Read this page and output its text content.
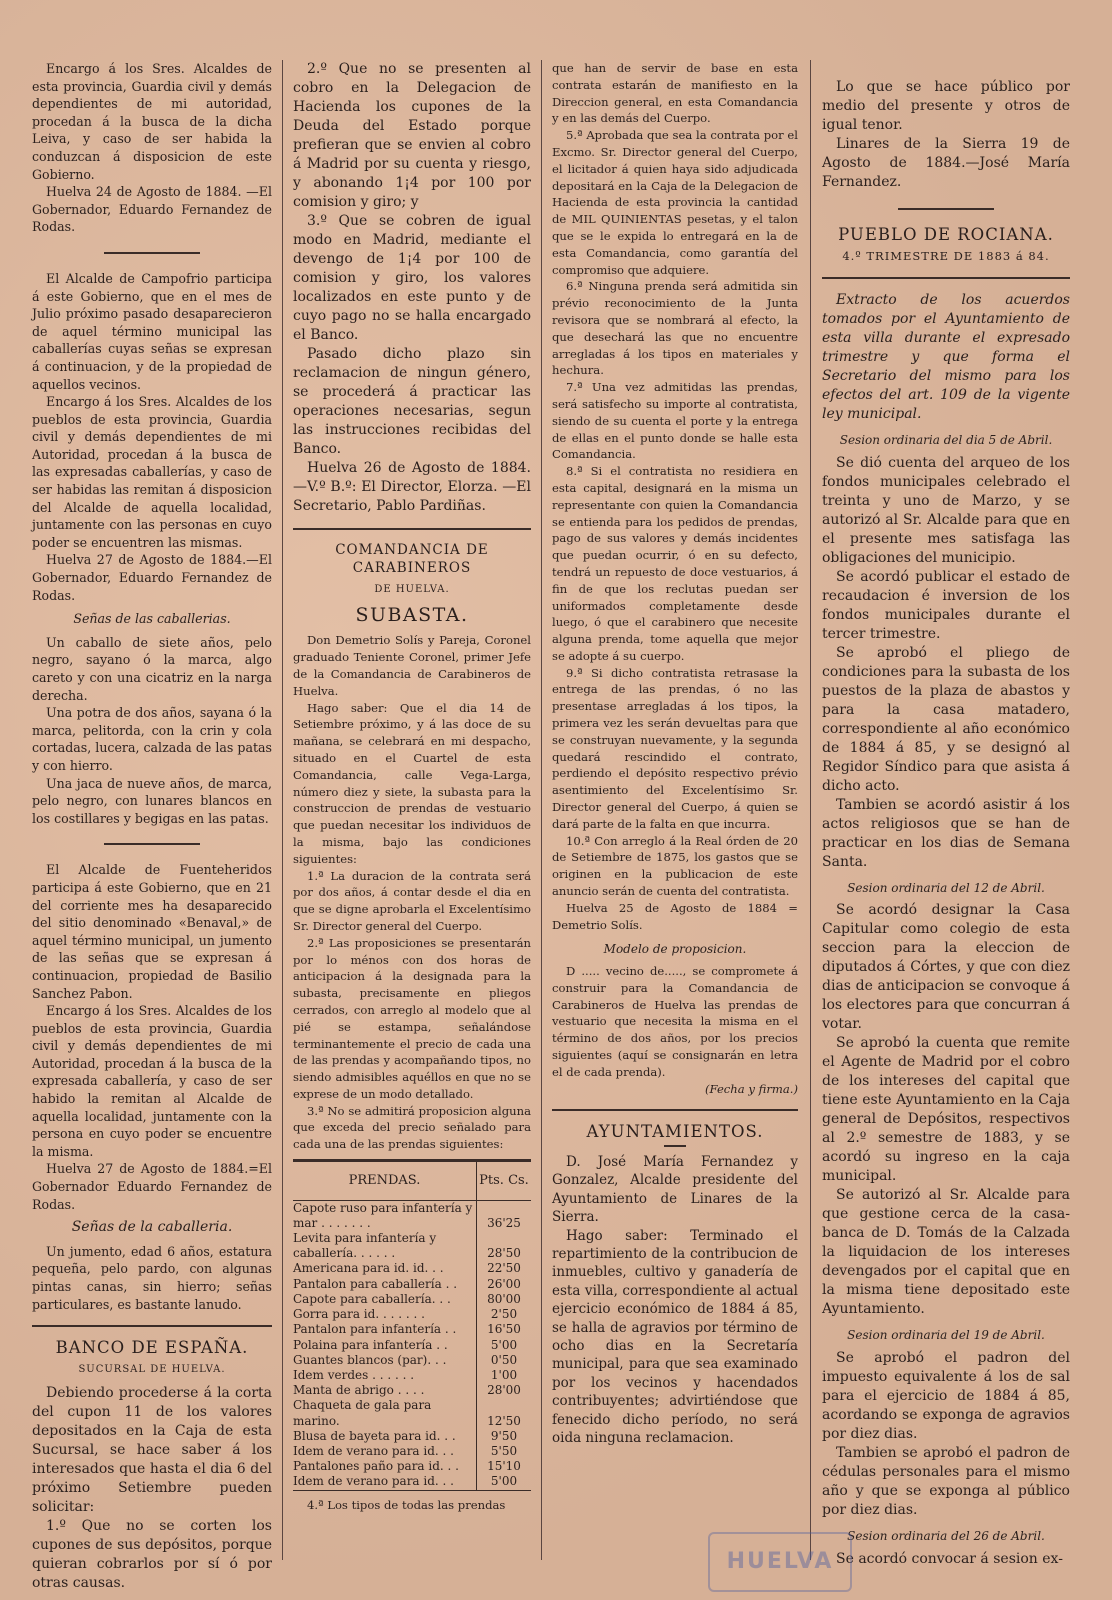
Encargo á los Sres. Alcaldes de esta provincia, Guardia civil y demás dependientes de mi autoridad, procedan á la busca de la dicha Leiva, y caso de ser habida la conduzcan á disposicion de este Gobierno.

Huelva 24 de Agosto de 1884. —El Gobernador, Eduardo Fernandez de Rodas.

El Alcalde de Campofrio participa á este Gobierno, que en el mes de Julio próximo pasado desaparecieron de aquel término municipal las caballerías cuyas señas se expresan á continuacion, y de la propiedad de aquellos vecinos.

Encargo á los Sres. Alcaldes de los pueblos de esta provincia, Guardia civil y demás dependientes de mi Autoridad, procedan á la busca de las expresadas caballerías, y caso de ser habidas las remitan á disposicion del Alcalde de aquella localidad, juntamente con las personas en cuyo poder se encuentren las mismas.

Huelva 27 de Agosto de 1884.—El Gobernador, Eduardo Fernandez de Rodas.

Señas de las caballerias.

Un caballo de siete años, pelo negro, sayano ó la marca, algo careto y con una cicatriz en la narga derecha.

Una potra de dos años, sayana ó la marca, pelitorda, con la crin y cola cortadas, lucera, calzada de las patas y con hierro.

Una jaca de nueve años, de marca, pelo negro, con lunares blancos en los costillares y begigas en las patas.

El Alcalde de Fuenteheridos participa á este Gobierno, que en 21 del corriente mes ha desaparecido del sitio denominado «Benaval,» de aquel término municipal, un jumento de las señas que se expresan á continuacion, propiedad de Basilio Sanchez Pabon.

Encargo á los Sres. Alcaldes de los pueblos de esta provincia, Guardia civil y demás dependientes de mi Autoridad, procedan á la busca de la expresada caballería, y caso de ser habido la remitan al Alcalde de aquella localidad, juntamente con la persona en cuyo poder se encuentre la misma.

Huelva 27 de Agosto de 1884.=El Gobernador Eduardo Fernandez de Rodas.

Señas de la caballeria.

Un jumento, edad 6 años, estatura pequeña, pelo pardo, con algunas pintas canas, sin hierro; señas particulares, es bastante lanudo.

BANCO DE ESPAÑA.
SUCURSAL DE HUELVA.

Debiendo procederse á la corta del cupon 11 de los valores depositados en la Caja de esta Sucursal, se hace saber á los interesados que hasta el dia 6 del próximo Setiembre pueden solicitar:

1.º Que no se corten los cupones de sus depósitos, porque quieran cobrarlos por sí ó por otras causas.

2.º Que no se presenten al cobro en la Delegacion de Hacienda los cupones de la Deuda del Estado porque prefieran que se envien al cobro á Madrid por su cuenta y riesgo, y abonando 1¡4 por 100 por comision y giro; y

3.º Que se cobren de igual modo en Madrid, mediante el devengo de 1¡4 por 100 de comision y giro, los valores localizados en este punto y de cuyo pago no se halla encargado el Banco.

Pasado dicho plazo sin reclamacion de ningun género, se procederá á practicar las operaciones necesarias, segun las instrucciones recibidas del Banco.

Huelva 26 de Agosto de 1884. —V.º B.º: El Director, Elorza. —El Secretario, Pablo Pardiñas.

COMANDANCIA DE CARABINEROS
DE HUELVA.
SUBASTA.

Don Demetrio Solís y Pareja, Coronel graduado Teniente Coronel, primer Jefe de la Comandancia de Carabineros de Huelva.

Hago saber: Que el dia 14 de Setiembre próximo, y á las doce de su mañana, se celebrará en mi despacho, situado en el Cuartel de esta Comandancia, calle Vega-Larga, número diez y siete, la subasta para la construccion de prendas de vestuario que puedan necesitar los individuos de la misma, bajo las condiciones siguientes:

1.ª La duracion de la contrata será por dos años, á contar desde el dia en que se digne aprobarla el Excelentísimo Sr. Director general del Cuerpo.

2.ª Las proposiciones se presentarán por lo ménos con dos horas de anticipacion á la designada para la subasta, precisamente en pliegos cerrados, con arreglo al modelo que al pié se estampa, señalándose terminantemente el precio de cada una de las prendas y acompañando tipos, no siendo admisibles aquéllos en que no se exprese de un modo detallado.

3.ª No se admitirá proposicion alguna que exceda del precio señalado para cada una de las prendas siguientes:

PRENDAS.	Pts. Cs.
Capote ruso para infantería y mar . . . . . . .	36'25
Levita para infantería y caballería. . . . . .	28'50
Americana para id. id. . .	22'50
Pantalon para caballería . .	26'00
Capote para caballería. . .	80'00
Gorra para id. . . . . . .	2'50
Pantalon para infantería . .	16'50
Polaina para infantería . .	5'00
Guantes blancos (par). . .	0'50
Idem verdes . . . . . .	1'00
Manta de abrigo . . . .	28'00
Chaqueta de gala para marino.	12'50
Blusa de bayeta para id. . .	9'50
Idem de verano para id. . .	5'50
Pantalones paño para id. . .	15'10
Idem de verano para id. . .	5'00

4.ª Los tipos de todas las prendas

que han de servir de base en esta contrata estarán de manifiesto en la Direccion general, en esta Comandancia y en las demás del Cuerpo.

5.ª Aprobada que sea la contrata por el Excmo. Sr. Director general del Cuerpo, el licitador á quien haya sido adjudicada depositará en la Caja de la Delegacion de Hacienda de esta provincia la cantidad de MIL QUINIENTAS pesetas, y el talon que se le expida lo entregará en la de esta Comandancia, como garantía del compromiso que adquiere.

6.ª Ninguna prenda será admitida sin prévio reconocimiento de la Junta revisora que se nombrará al efecto, la que desechará las que no encuentre arregladas á los tipos en materiales y hechura.

7.ª Una vez admitidas las prendas, será satisfecho su importe al contratista, siendo de su cuenta el porte y la entrega de ellas en el punto donde se halle esta Comandancia.

8.ª Si el contratista no residiera en esta capital, designará en la misma un representante con quien la Comandancia se entienda para los pedidos de prendas, pago de sus valores y demás incidentes que puedan ocurrir, ó en su defecto, tendrá un repuesto de doce vestuarios, á fin de que los reclutas puedan ser uniformados completamente desde luego, ó que el carabinero que necesite alguna prenda, tome aquella que mejor se adopte á su cuerpo.

9.ª Si dicho contratista retrasase la entrega de las prendas, ó no las presentase arregladas á los tipos, la primera vez les serán devueltas para que se construyan nuevamente, y la segunda quedará rescindido el contrato, perdiendo el depósito respectivo prévio asentimiento del Excelentísimo Sr. Director general del Cuerpo, á quien se dará parte de la falta en que incurra.

10.ª Con arreglo á la Real órden de 20 de Setiembre de 1875, los gastos que se originen en la publicacion de este anuncio serán de cuenta del contratista.

Huelva 25 de Agosto de 1884 = Demetrio Solís.

Modelo de proposicion.

D ..... vecino de....., se compromete á construir para la Comandancia de Carabineros de Huelva las prendas de vestuario que necesita la misma en el término de dos años, por los precios siguientes (aquí se consignarán en letra el de cada prenda).

(Fecha y firma.)

AYUNTAMIENTOS.

D. José María Fernandez y Gonzalez, Alcalde presidente del Ayuntamiento de Linares de la Sierra.

Hago saber: Terminado el repartimiento de la contribucion de inmuebles, cultivo y ganadería de esta villa, correspondiente al actual ejercicio económico de 1884 á 85, se halla de agravios por término de ocho dias en la Secretaría municipal, para que sea examinado por los vecinos y hacendados contribuyentes; advirtiéndose que fenecido dicho período, no será oida ninguna reclamacion.

Lo que se hace público por medio del presente y otros de igual tenor.

Linares de la Sierra 19 de Agosto de 1884.—José María Fernandez.

PUEBLO DE ROCIANA.
4.º TRIMESTRE DE 1883 á 84.

Extracto de los acuerdos tomados por el Ayuntamiento de esta villa durante el expresado trimestre y que forma el Secretario del mismo para los efectos del art. 109 de la vigente ley municipal.

Sesion ordinaria del dia 5 de Abril.

Se dió cuenta del arqueo de los fondos municipales celebrado el treinta y uno de Marzo, y se autorizó al Sr. Alcalde para que en el presente mes satisfaga las obligaciones del municipio.

Se acordó publicar el estado de recaudacion é inversion de los fondos municipales durante el tercer trimestre.

Se aprobó el pliego de condiciones para la subasta de los puestos de la plaza de abastos y para la casa matadero, correspondiente al año económico de 1884 á 85, y se designó al Regidor Síndico para que asista á dicho acto.

Tambien se acordó asistir á los actos religiosos que se han de practicar en los dias de Semana Santa.

Sesion ordinaria del 12 de Abril.

Se acordó designar la Casa Capitular como colegio de esta seccion para la eleccion de diputados á Córtes, y que con diez dias de anticipacion se convoque á los electores para que concurran á votar.

Se aprobó la cuenta que remite el Agente de Madrid por el cobro de los intereses del capital que tiene este Ayuntamiento en la Caja general de Depósitos, respectivos al 2.º semestre de 1883, y se acordó su ingreso en la caja municipal.

Se autorizó al Sr. Alcalde para que gestione cerca de la casa-banca de D. Tomás de la Calzada la liquidacion de los intereses devengados por el capital que en la misma tiene depositado este Ayuntamiento.

Sesion ordinaria del 19 de Abril.

Se aprobó el padron del impuesto equivalente á los de sal para el ejercicio de 1884 á 85, acordando se exponga de agravios por diez dias.

Tambien se aprobó el padron de cédulas personales para el mismo año y que se exponga al público por diez dias.

Sesion ordinaria del 26 de Abril.

Se acordó convocar á sesion ex-

HUELVA
